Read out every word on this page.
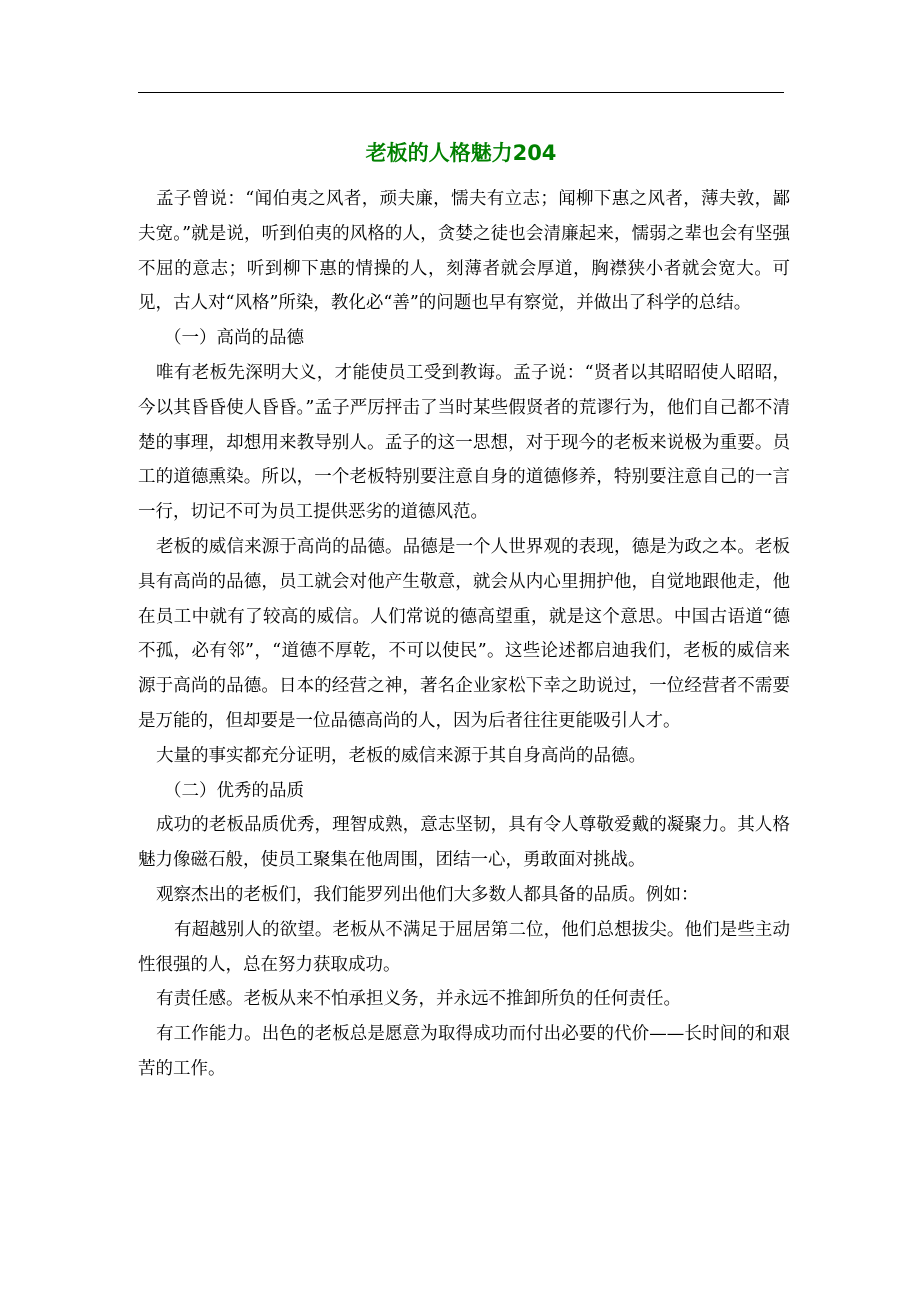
老板的人格魅力204

孟子曾说：“闻伯夷之风者，顽夫廉，懦夫有立志；闻柳下惠之风者，薄夫敦，鄙夫宽。”就是说，听到伯夷的风格的人，贪婪之徒也会清廉起来，懦弱之辈也会有坚强不屈的意志；听到柳下惠的情操的人，刻薄者就会厚道，胸襟狭小者就会宽大。可见，古人对“风格”所染，教化必“善”的问题也早有察觉，并做出了科学的总结。

（一）高尚的品德

唯有老板先深明大义，才能使员工受到教诲。孟子说：“贤者以其昭昭使人昭昭，今以其昏昏使人昏昏。”孟子严厉抨击了当时某些假贤者的荒谬行为，他们自己都不清楚的事理，却想用来教导别人。孟子的这一思想，对于现今的老板来说极为重要。员工的道德熏染。所以，一个老板特别要注意自身的道德修养，特别要注意自己的一言一行，切记不可为员工提供恶劣的道德风范。

老板的威信来源于高尚的品德。品德是一个人世界观的表现，德是为政之本。老板具有高尚的品德，员工就会对他产生敬意，就会从内心里拥护他，自觉地跟他走，他在员工中就有了较高的威信。人们常说的德高望重，就是这个意思。中国古语道“德不孤，必有邻”，“道德不厚乾，不可以使民”。这些论述都启迪我们，老板的威信来源于高尚的品德。日本的经营之神，著名企业家松下幸之助说过，一位经营者不需要是万能的，但却要是一位品德高尚的人，因为后者往往更能吸引人才。

大量的事实都充分证明，老板的威信来源于其自身高尚的品德。

（二）优秀的品质

成功的老板品质优秀，理智成熟，意志坚韧，具有令人尊敬爱戴的凝聚力。其人格魅力像磁石般，使员工聚集在他周围，团结一心，勇敢面对挑战。

观察杰出的老板们，我们能罗列出他们大多数人都具备的品质。例如：

有超越别人的欲望。老板从不满足于屈居第二位，他们总想拔尖。他们是些主动性很强的人，总在努力获取成功。

有责任感。老板从来不怕承担义务，并永远不推卸所负的任何责任。

有工作能力。出色的老板总是愿意为取得成功而付出必要的代价——长时间的和艰苦的工作。
